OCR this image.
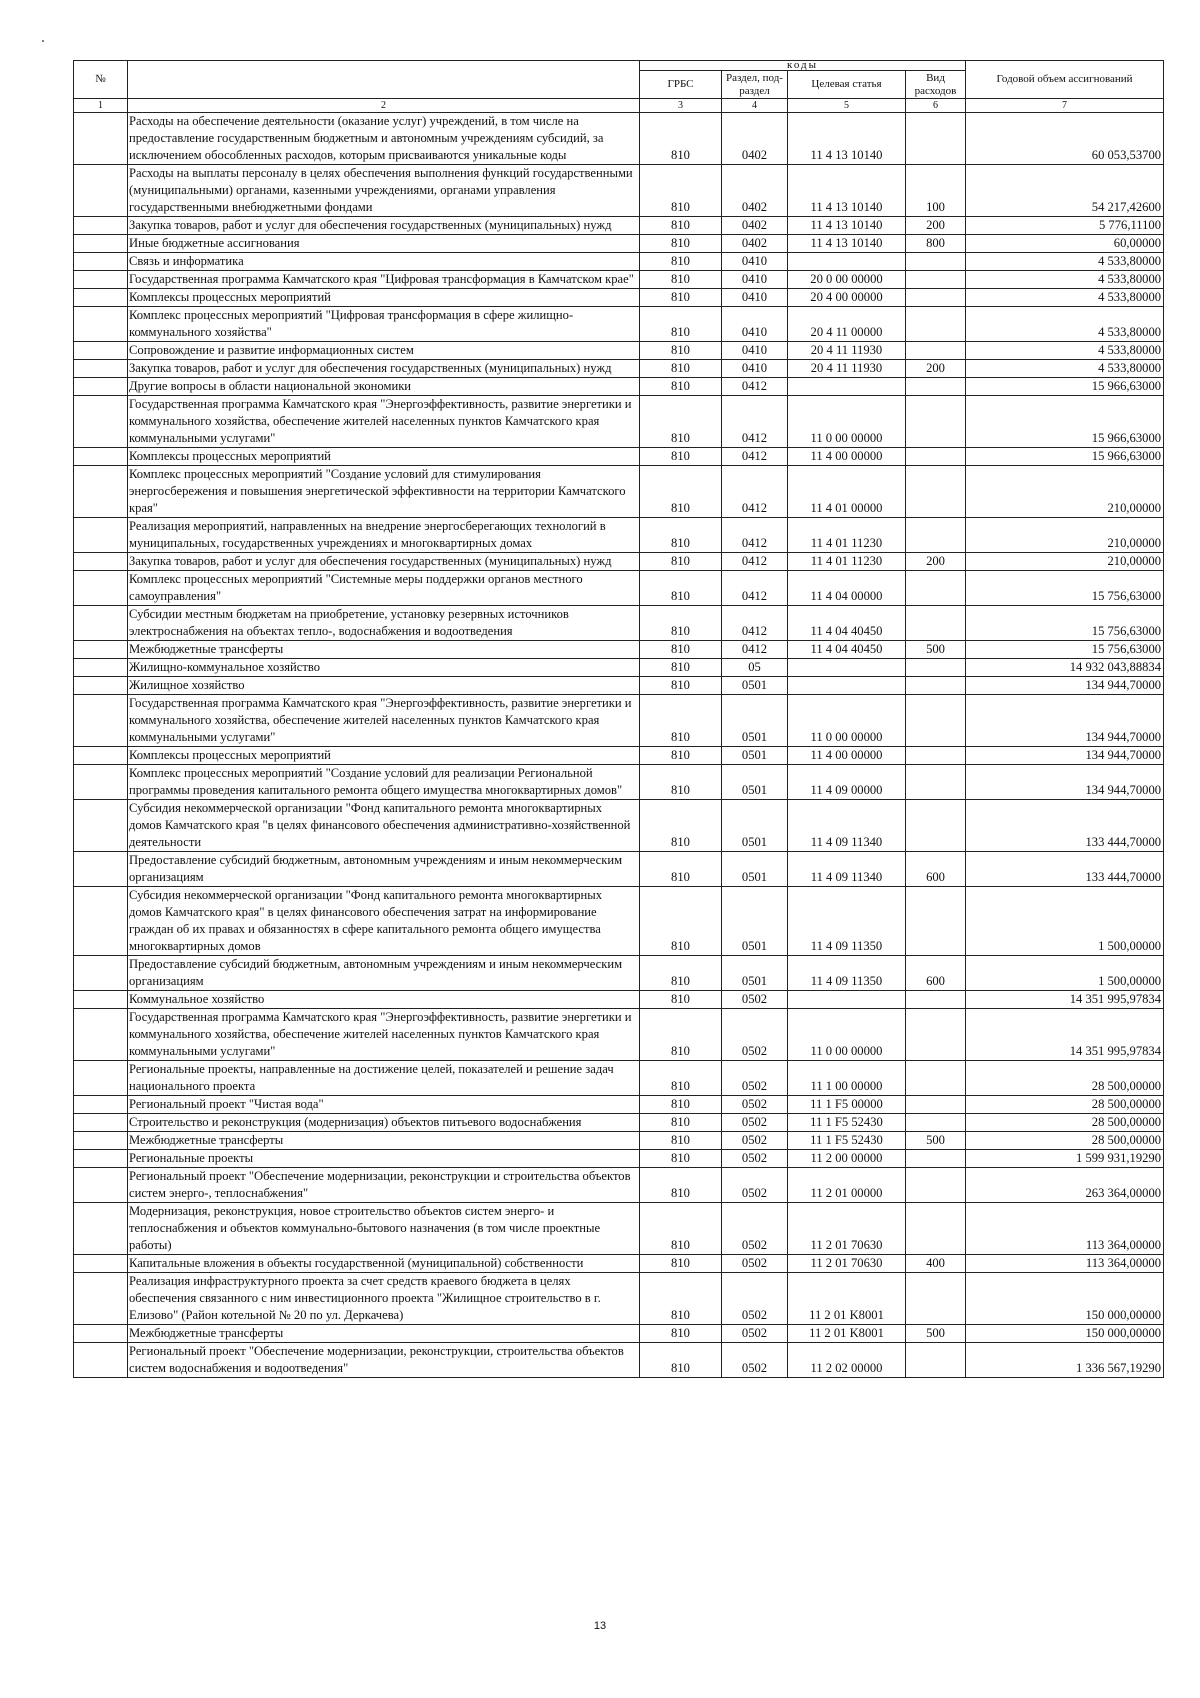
№		коды				Годовой объем ассигнований
		ГРБС	Раздел, под-раздел	Целевая статья	Вид расходов	
1	2	3	4	5	6	7
	Расходы на обеспечение деятельности (оказание услуг) учреждений, в том числе на предоставление государственным бюджетным и автономным учреждениям субсидий, за исключением обособленных расходов, которым присваиваются уникальные коды	810	0402	11 4 13 10140		60 053,53700
	Расходы на выплаты персоналу в целях обеспечения выполнения функций государственными (муниципальными) органами, казенными учреждениями, органами управления государственными внебюджетными фондами	810	0402	11 4 13 10140	100	54 217,42600
	Закупка товаров, работ и услуг для обеспечения государственных (муниципальных) нужд	810	0402	11 4 13 10140	200	5 776,11100
	Иные бюджетные ассигнования	810	0402	11 4 13 10140	800	60,00000
	Связь и информатика	810	0410			4 533,80000
	Государственная программа Камчатского края "Цифровая трансформация в Камчатском крае"	810	0410	20 0 00 00000		4 533,80000
	Комплексы процессных мероприятий	810	0410	20 4 00 00000		4 533,80000
	Комплекс процессных мероприятий "Цифровая трансформация в сфере жилищно-коммунального хозяйства"	810	0410	20 4 11 00000		4 533,80000
	Сопровождение и развитие информационных систем	810	0410	20 4 11 11930		4 533,80000
	Закупка товаров, работ и услуг для обеспечения государственных (муниципальных) нужд	810	0410	20 4 11 11930	200	4 533,80000
	Другие вопросы в области национальной экономики	810	0412			15 966,63000
	Государственная программа Камчатского края "Энергоэффективность, развитие энергетики и коммунального хозяйства, обеспечение жителей населенных пунктов Камчатского края коммунальными услугами"	810	0412	11 0 00 00000		15 966,63000
	Комплексы процессных мероприятий	810	0412	11 4 00 00000		15 966,63000
	Комплекс процессных мероприятий "Создание условий для стимулирования энергосбережения и повышения энергетической эффективности на территории Камчатского края"	810	0412	11 4 01 00000		210,00000
	Реализация мероприятий, направленных на внедрение энергосберегающих технологий в муниципальных, государственных учреждениях и многоквартирных домах	810	0412	11 4 01 11230		210,00000
	Закупка товаров, работ и услуг для обеспечения государственных (муниципальных) нужд	810	0412	11 4 01 11230	200	210,00000
	Комплекс процессных мероприятий "Системные меры поддержки органов местного самоуправления"	810	0412	11 4 04 00000		15 756,63000
	Субсидии местным бюджетам на приобретение, установку резервных источников электроснабжения на объектах тепло-, водоснабжения и водоотведения	810	0412	11 4 04 40450		15 756,63000
	Межбюджетные трансферты	810	0412	11 4 04 40450	500	15 756,63000
	Жилищно-коммунальное хозяйство	810	05			14 932 043,88834
	Жилищное хозяйство	810	0501			134 944,70000
	Государственная программа Камчатского края "Энергоэффективность, развитие энергетики и коммунального хозяйства, обеспечение жителей населенных пунктов Камчатского края коммунальными услугами"	810	0501	11 0 00 00000		134 944,70000
	Комплексы процессных мероприятий	810	0501	11 4 00 00000		134 944,70000
	Комплекс процессных мероприятий "Создание условий для реализации Региональной программы проведения капитального ремонта общего имущества многоквартирных домов"	810	0501	11 4 09 00000		134 944,70000
	Субсидия некоммерческой организации "Фонд капитального ремонта многоквартирных домов Камчатского края "в целях финансового обеспечения административно-хозяйственной деятельности	810	0501	11 4 09 11340		133 444,70000
	Предоставление субсидий бюджетным, автономным учреждениям и иным некоммерческим организациям	810	0501	11 4 09 11340	600	133 444,70000
	Субсидия некоммерческой организации "Фонд капитального ремонта многоквартирных домов Камчатского края" в целях финансового обеспечения затрат на информирование граждан об их правах и обязанностях в сфере капитального ремонта общего имущества многоквартирных домов	810	0501	11 4 09 11350		1 500,00000
	Предоставление субсидий бюджетным, автономным учреждениям и иным некоммерческим организациям	810	0501	11 4 09 11350	600	1 500,00000
	Коммунальное хозяйство	810	0502			14 351 995,97834
	Государственная программа Камчатского края "Энергоэффективность, развитие энергетики и коммунального хозяйства, обеспечение жителей населенных пунктов Камчатского края коммунальными услугами"	810	0502	11 0 00 00000		14 351 995,97834
	Региональные проекты, направленные на достижение целей, показателей и решение задач национального проекта	810	0502	11 1 00 00000		28 500,00000
	Региональный проект "Чистая вода"	810	0502	11 1 F5 00000		28 500,00000
	Строительство и реконструкция (модернизация) объектов питьевого водоснабжения	810	0502	11 1 F5 52430		28 500,00000
	Межбюджетные трансферты	810	0502	11 1 F5 52430	500	28 500,00000
	Региональные проекты	810	0502	11 2 00 00000		1 599 931,19290
	Региональный проект "Обеспечение модернизации, реконструкции и строительства объектов систем энерго-, теплоснабжения"	810	0502	11 2 01 00000		263 364,00000
	Модернизация, реконструкция, новое строительство объектов систем энерго- и теплоснабжения и объектов коммунально-бытового назначения (в том числе проектные работы)	810	0502	11 2 01 70630		113 364,00000
	Капитальные вложения в объекты государственной (муниципальной) собственности	810	0502	11 2 01 70630	400	113 364,00000
	Реализация инфраструктурного проекта за счет средств краевого бюджета в целях обеспечения связанного с ним инвестиционного проекта "Жилищное строительство в г. Елизово" (Район котельной № 20 по ул. Деркачева)	810	0502	11 2 01 K8001		150 000,00000
	Межбюджетные трансферты	810	0502	11 2 01 K8001	500	150 000,00000
	Региональный проект "Обеспечение модернизации, реконструкции, строительства объектов систем водоснабжения и водоотведения"	810	0502	11 2 02 00000		1 336 567,19290
13
